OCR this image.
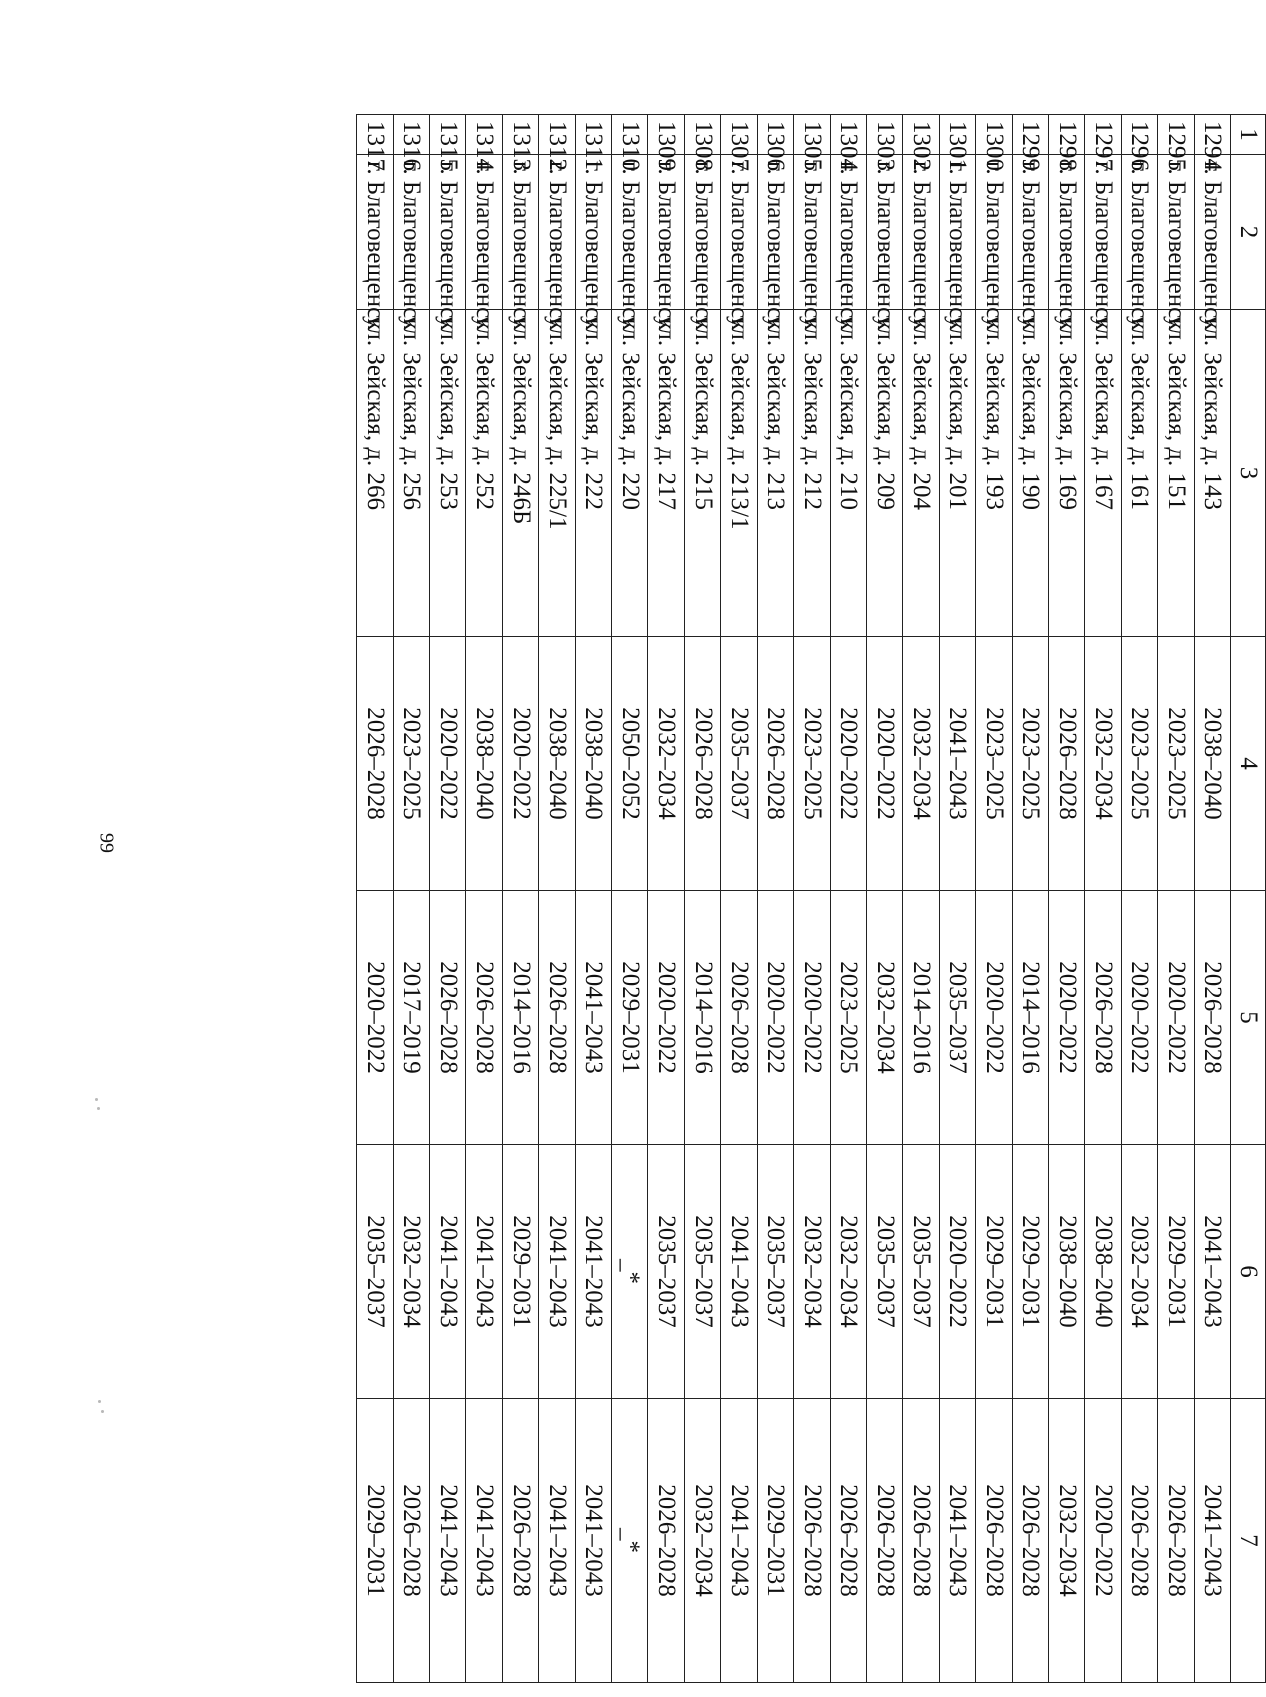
99
1	2	3	4	5	6	7
1294	г. Благовещенск	ул. Зейская, д. 143	2038–2040	2026–2028	2041–2043	2041–2043
1295	г. Благовещенск	ул. Зейская, д. 151	2023–2025	2020–2022	2029–2031	2026–2028
1296	г. Благовещенск	ул. Зейская, д. 161	2023–2025	2020–2022	2032–2034	2026–2028
1297	г. Благовещенск	ул. Зейская, д. 167	2032–2034	2026–2028	2038–2040	2020–2022
1298	г. Благовещенск	ул. Зейская, д. 169	2026–2028	2020–2022	2038–2040	2032–2034
1299	г. Благовещенск	ул. Зейская, д. 190	2023–2025	2014–2016	2029–2031	2026–2028
1300	г. Благовещенск	ул. Зейская, д. 193	2023–2025	2020–2022	2029–2031	2026–2028
1301	г. Благовещенск	ул. Зейская, д. 201	2041–2043	2035–2037	2020–2022	2041–2043
1302	г. Благовещенск	ул. Зейская, д. 204	2032–2034	2014–2016	2035–2037	2026–2028
1303	г. Благовещенск	ул. Зейская, д. 209	2020–2022	2032–2034	2035–2037	2026–2028
1304	г. Благовещенск	ул. Зейская, д. 210	2020–2022	2023–2025	2032–2034	2026–2028
1305	г. Благовещенск	ул. Зейская, д. 212	2023–2025	2020–2022	2032–2034	2026–2028
1306	г. Благовещенск	ул. Зейская, д. 213	2026–2028	2020–2022	2035–2037	2029–2031
1307	г. Благовещенск	ул. Зейская, д. 213/1	2035–2037	2026–2028	2041–2043	2041–2043
1308	г. Благовещенск	ул. Зейская, д. 215	2026–2028	2014–2016	2035–2037	2032–2034
1309	г. Благовещенск	ул. Зейская, д. 217	2032–2034	2020–2022	2035–2037	2026–2028
1310	г. Благовещенск	ул. Зейская, д. 220	2050–2052	2029–2031	_*	_*
1311	г. Благовещенск	ул. Зейская, д. 222	2038–2040	2041–2043	2041–2043	2041–2043
1312	г. Благовещенск	ул. Зейская, д. 225/1	2038–2040	2026–2028	2041–2043	2041–2043
1313	г. Благовещенск	ул. Зейская, д. 246Б	2020–2022	2014–2016	2029–2031	2026–2028
1314	г. Благовещенск	ул. Зейская, д. 252	2038–2040	2026–2028	2041–2043	2041–2043
1315	г. Благовещенск	ул. Зейская, д. 253	2020–2022	2026–2028	2041–2043	2041–2043
1316	г. Благовещенск	ул. Зейская, д. 256	2023–2025	2017–2019	2032–2034	2026–2028
1317	г. Благовещенск	ул. Зейская, д. 266	2026–2028	2020–2022	2035–2037	2029–2031
